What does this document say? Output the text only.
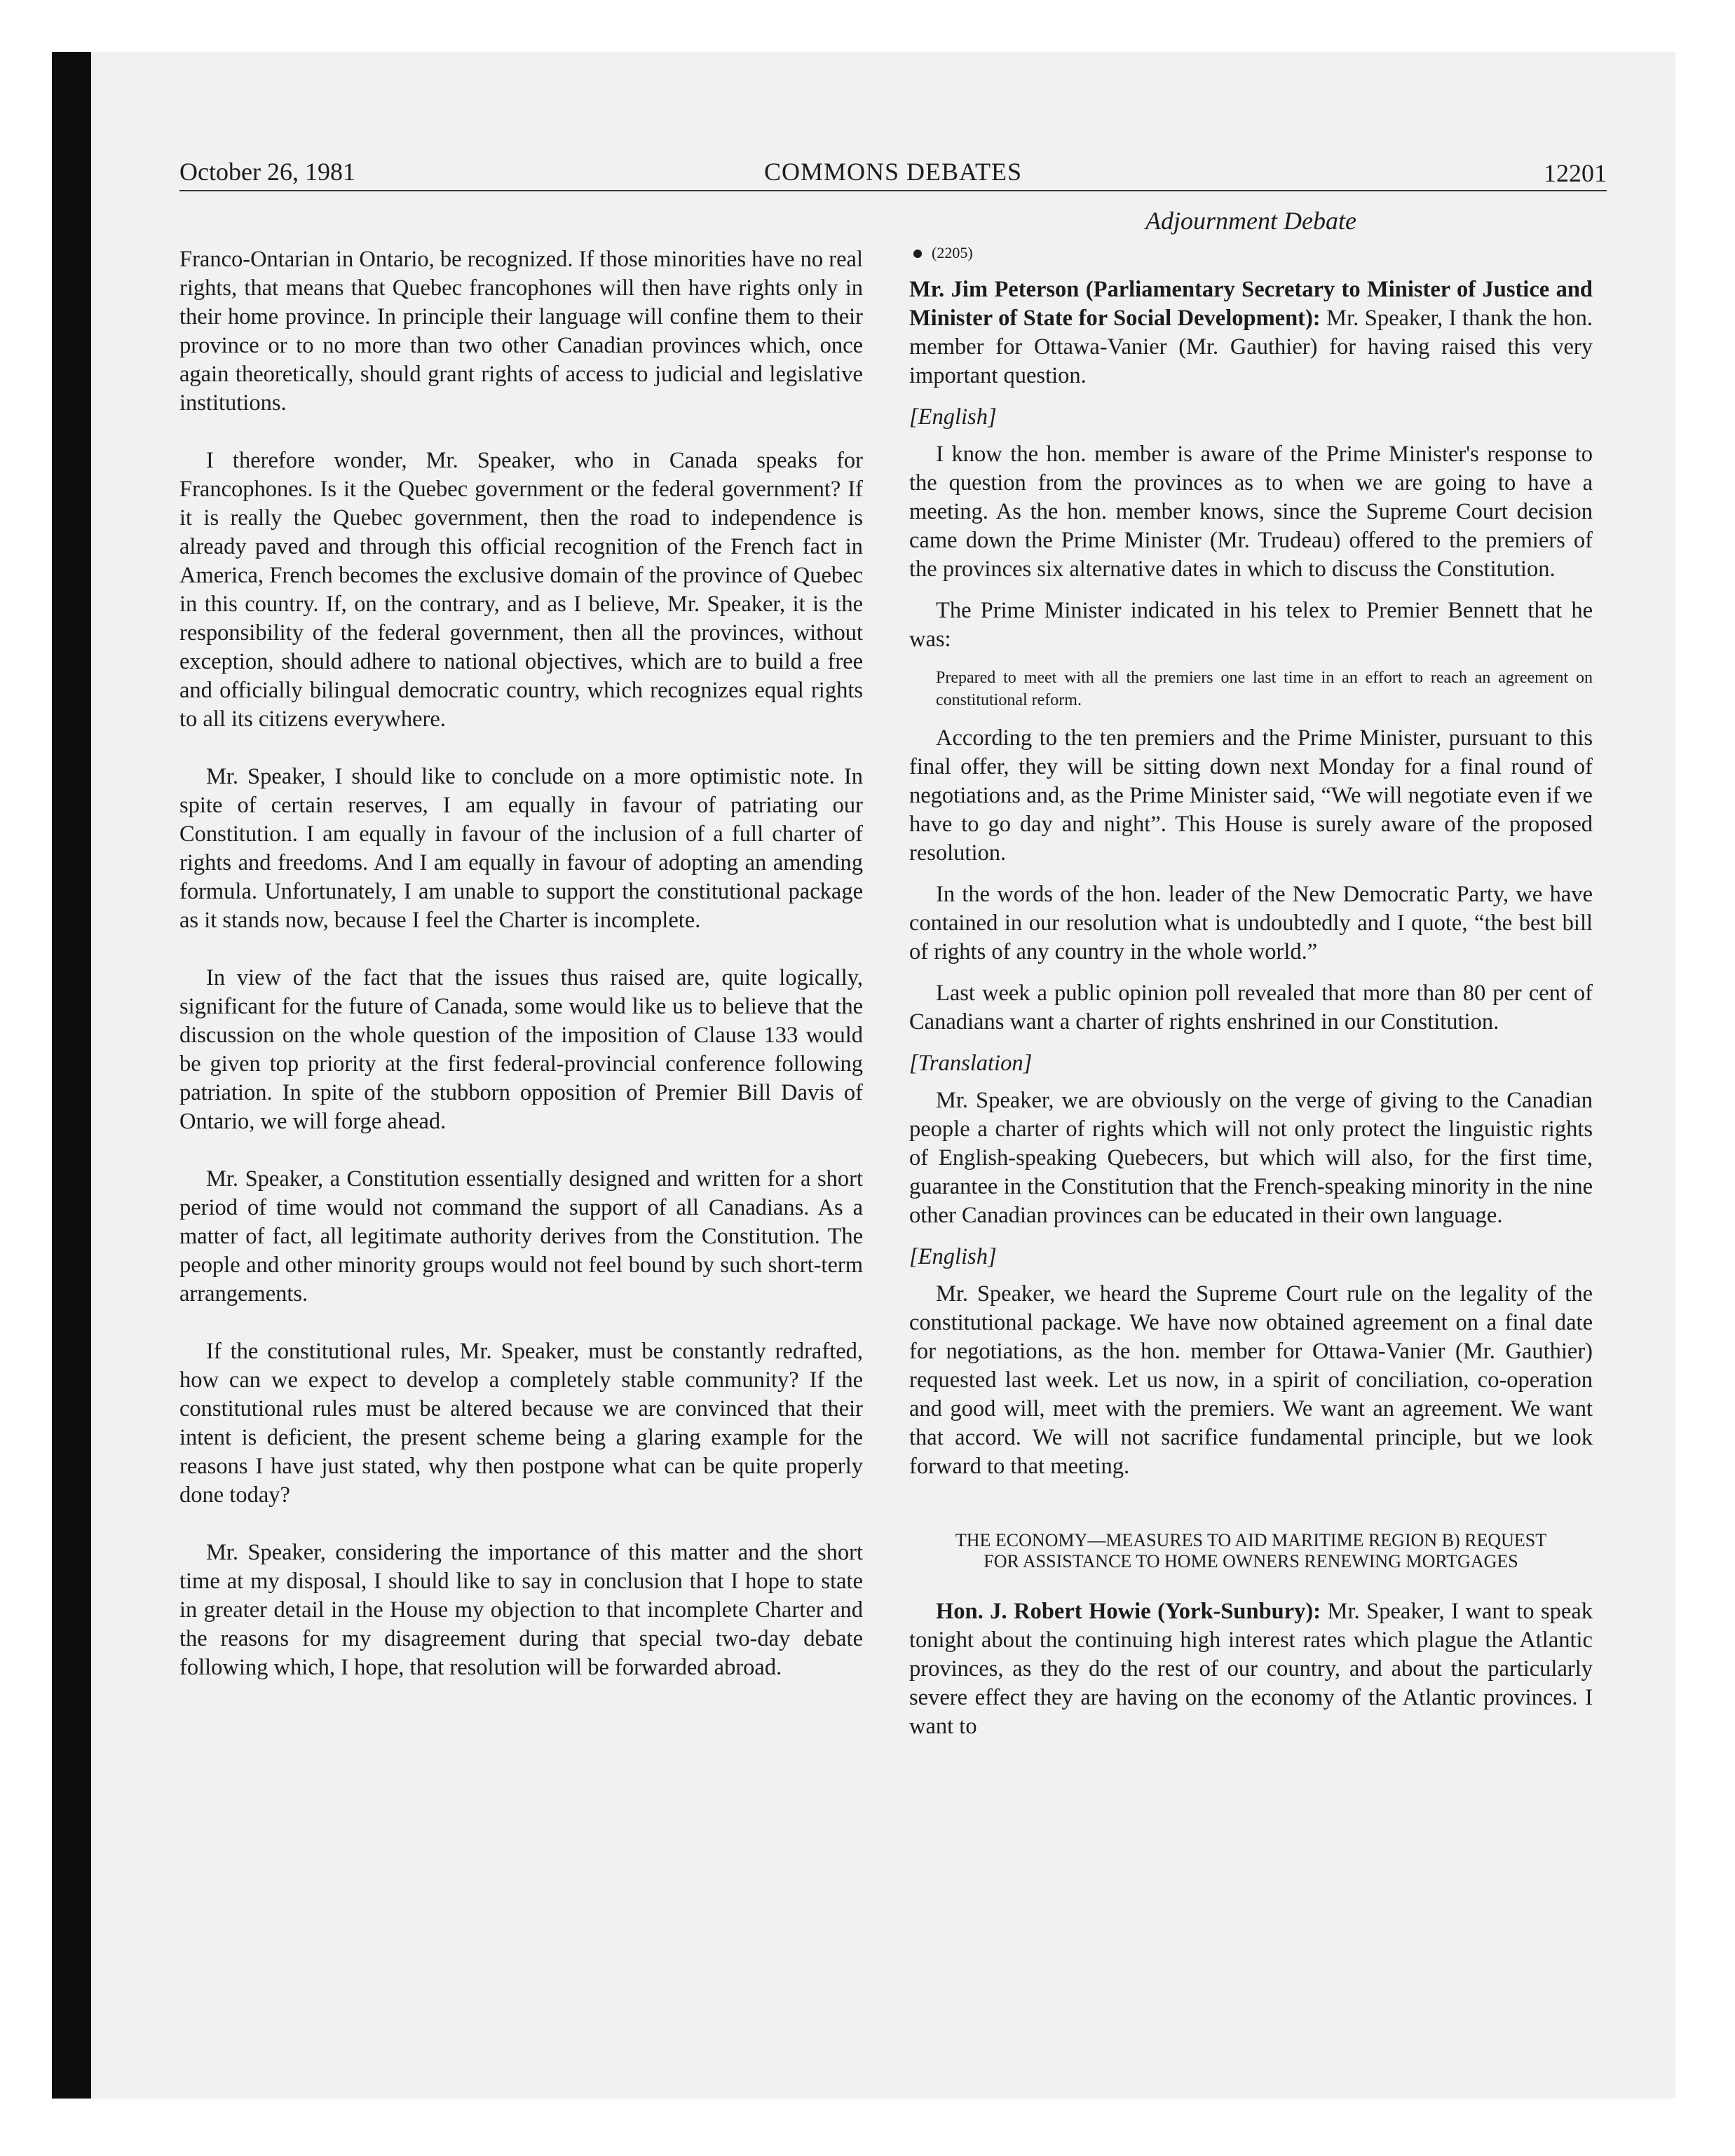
October 26, 1981	COMMONS DEBATES	12201

Franco-Ontarian in Ontario, be recognized. If those minorities have no real rights, that means that Quebec francophones will then have rights only in their home province. In principle their language will confine them to their province or to no more than two other Canadian provinces which, once again theoretically, should grant rights of access to judicial and legislative institutions.

I therefore wonder, Mr. Speaker, who in Canada speaks for Francophones. Is it the Quebec government or the federal government? If it is really the Quebec government, then the road to independence is already paved and through this official recognition of the French fact in America, French becomes the exclusive domain of the province of Quebec in this country. If, on the contrary, and as I believe, Mr. Speaker, it is the responsibility of the federal government, then all the provinces, without exception, should adhere to national objectives, which are to build a free and officially bilingual democratic country, which recognizes equal rights to all its citizens everywhere.

Mr. Speaker, I should like to conclude on a more optimistic note. In spite of certain reserves, I am equally in favour of patriating our Constitution. I am equally in favour of the inclusion of a full charter of rights and freedoms. And I am equally in favour of adopting an amending formula. Unfortunately, I am unable to support the constitutional package as it stands now, because I feel the Charter is incomplete.

In view of the fact that the issues thus raised are, quite logically, significant for the future of Canada, some would like us to believe that the discussion on the whole question of the imposition of Clause 133 would be given top priority at the first federal-provincial conference following patriation. In spite of the stubborn opposition of Premier Bill Davis of Ontario, we will forge ahead.

Mr. Speaker, a Constitution essentially designed and written for a short period of time would not command the support of all Canadians. As a matter of fact, all legitimate authority derives from the Constitution. The people and other minority groups would not feel bound by such short-term arrangements.

If the constitutional rules, Mr. Speaker, must be constantly redrafted, how can we expect to develop a completely stable community? If the constitutional rules must be altered because we are convinced that their intent is deficient, the present scheme being a glaring example for the reasons I have just stated, why then postpone what can be quite properly done today?

Mr. Speaker, considering the importance of this matter and the short time at my disposal, I should like to say in conclusion that I hope to state in greater detail in the House my objection to that incomplete Charter and the reasons for my disagreement during that special two-day debate following which, I hope, that resolution will be forwarded abroad.

Adjournment Debate
(2205)

Mr. Jim Peterson (Parliamentary Secretary to Minister of Justice and Minister of State for Social Development): Mr. Speaker, I thank the hon. member for Ottawa-Vanier (Mr. Gauthier) for having raised this very important question.

[English]

I know the hon. member is aware of the Prime Minister's response to the question from the provinces as to when we are going to have a meeting. As the hon. member knows, since the Supreme Court decision came down the Prime Minister (Mr. Trudeau) offered to the premiers of the provinces six alternative dates in which to discuss the Constitution.

The Prime Minister indicated in his telex to Premier Bennett that he was:

Prepared to meet with all the premiers one last time in an effort to reach an agreement on constitutional reform.

According to the ten premiers and the Prime Minister, pursuant to this final offer, they will be sitting down next Monday for a final round of negotiations and, as the Prime Minister said, “We will negotiate even if we have to go day and night”. This House is surely aware of the proposed resolution.

In the words of the hon. leader of the New Democratic Party, we have contained in our resolution what is undoubtedly and I quote, “the best bill of rights of any country in the whole world.”

Last week a public opinion poll revealed that more than 80 per cent of Canadians want a charter of rights enshrined in our Constitution.

[Translation]

Mr. Speaker, we are obviously on the verge of giving to the Canadian people a charter of rights which will not only protect the linguistic rights of English-speaking Quebecers, but which will also, for the first time, guarantee in the Constitution that the French-speaking minority in the nine other Canadian provinces can be educated in their own language.

[English]

Mr. Speaker, we heard the Supreme Court rule on the legality of the constitutional package. We have now obtained agreement on a final date for negotiations, as the hon. member for Ottawa-Vanier (Mr. Gauthier) requested last week. Let us now, in a spirit of conciliation, co-operation and good will, meet with the premiers. We want an agreement. We want that accord. We will not sacrifice fundamental principle, but we look forward to that meeting.

THE ECONOMY—MEASURES TO AID MARITIME REGION B) REQUEST FOR ASSISTANCE TO HOME OWNERS RENEWING MORTGAGES

Hon. J. Robert Howie (York-Sunbury): Mr. Speaker, I want to speak tonight about the continuing high interest rates which plague the Atlantic provinces, as they do the rest of our country, and about the particularly severe effect they are having on the economy of the Atlantic provinces. I want to
